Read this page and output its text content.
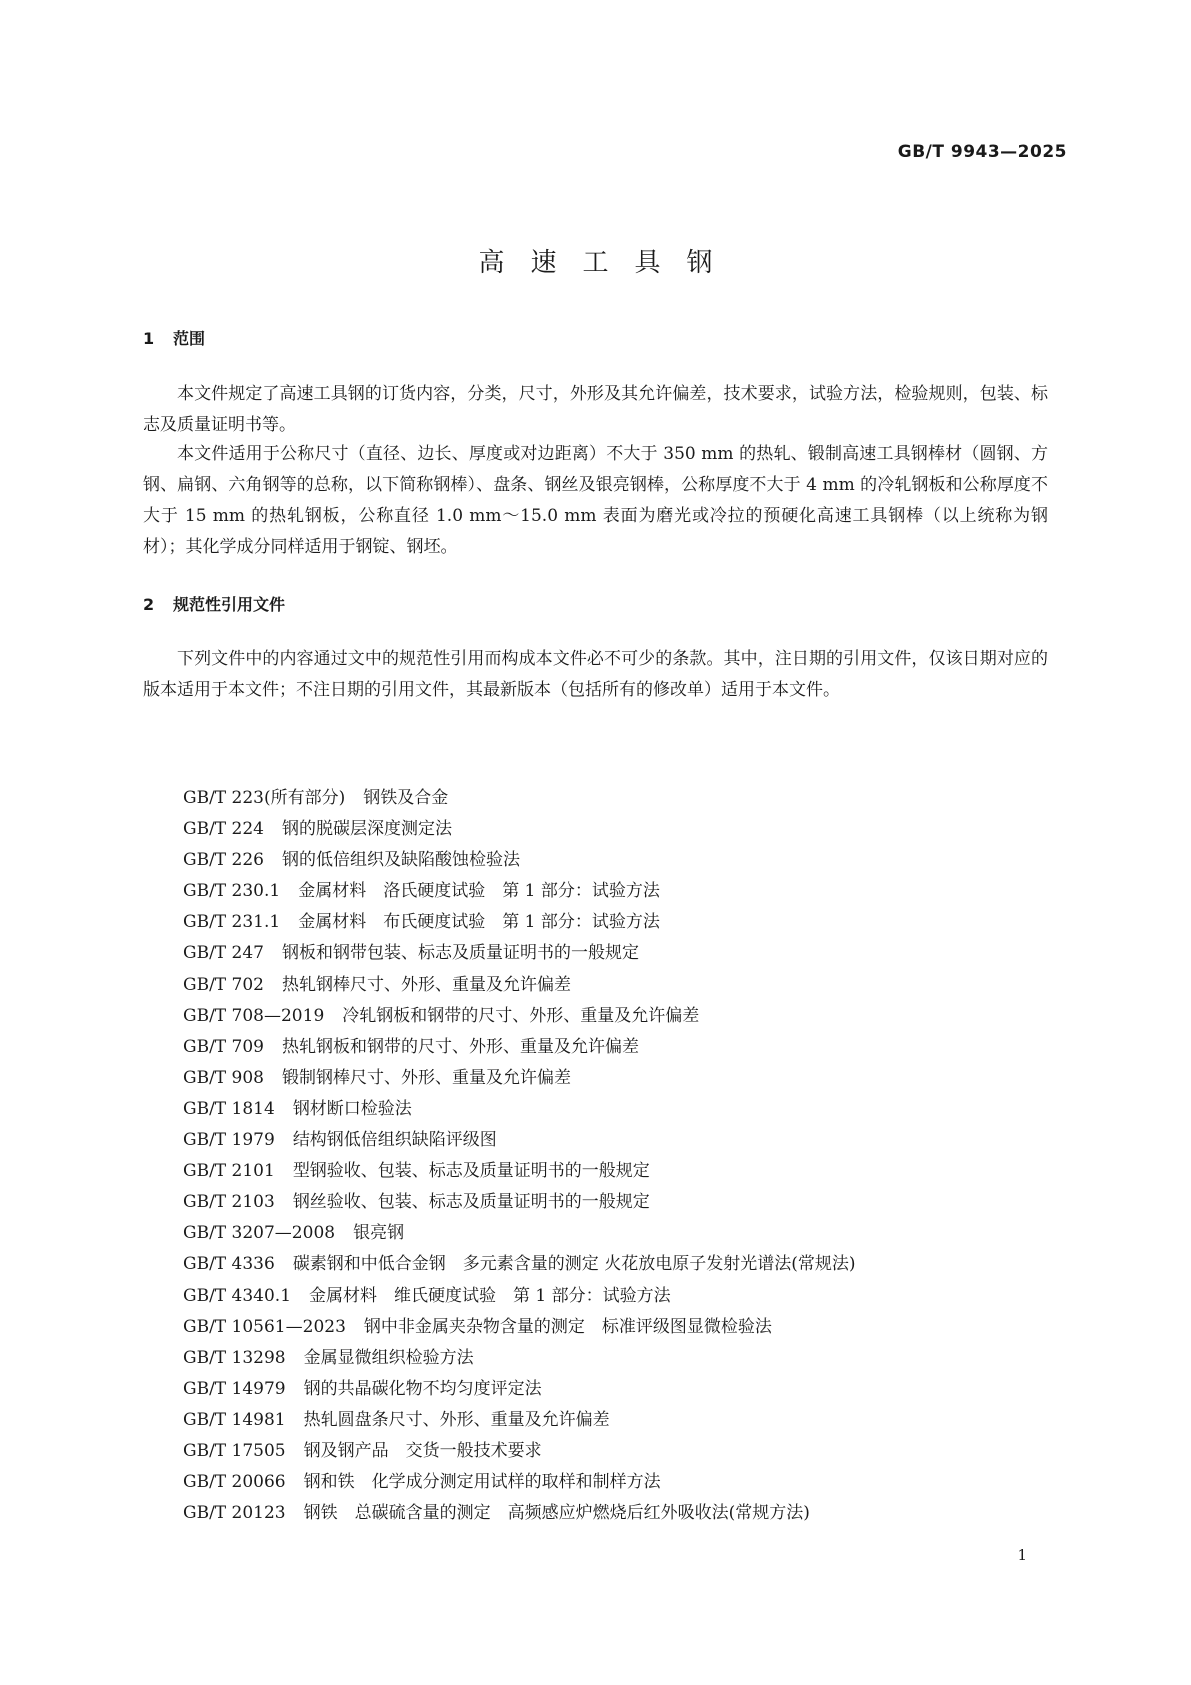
GB/T 9943—2025
高速工具钢
1 范围

本文件规定了高速工具钢的订货内容，分类，尺寸，外形及其允许偏差，技术要求，试验方法，检验规则，包装、标志及质量证明书等。

本文件适用于公称尺寸（直径、边长、厚度或对边距离）不大于 350 mm 的热轧、锻制高速工具钢棒材（圆钢、方钢、扁钢、六角钢等的总称，以下简称钢棒）、盘条、钢丝及银亮钢棒，公称厚度不大于 4 mm 的冷轧钢板和公称厚度不大于 15 mm 的热轧钢板，公称直径 1.0 mm～15.0 mm 表面为磨光或冷拉的预硬化高速工具钢棒（以上统称为钢材）；其化学成分同样适用于钢锭、钢坯。

2 规范性引用文件

下列文件中的内容通过文中的规范性引用而构成本文件必不可少的条款。其中，注日期的引用文件，仅该日期对应的版本适用于本文件；不注日期的引用文件，其最新版本（包括所有的修改单）适用于本文件。

GB/T 223(所有部分) 钢铁及合金
GB/T 224 钢的脱碳层深度测定法
GB/T 226 钢的低倍组织及缺陷酸蚀检验法
GB/T 230.1 金属材料　洛氏硬度试验　第 1 部分：试验方法
GB/T 231.1 金属材料　布氏硬度试验　第 1 部分：试验方法
GB/T 247 钢板和钢带包装、标志及质量证明书的一般规定
GB/T 702 热轧钢棒尺寸、外形、重量及允许偏差
GB/T 708—2019 冷轧钢板和钢带的尺寸、外形、重量及允许偏差
GB/T 709 热轧钢板和钢带的尺寸、外形、重量及允许偏差
GB/T 908 锻制钢棒尺寸、外形、重量及允许偏差
GB/T 1814 钢材断口检验法
GB/T 1979 结构钢低倍组织缺陷评级图
GB/T 2101 型钢验收、包装、标志及质量证明书的一般规定
GB/T 2103 钢丝验收、包装、标志及质量证明书的一般规定
GB/T 3207—2008 银亮钢
GB/T 4336 碳素钢和中低合金钢　多元素含量的测定 火花放电原子发射光谱法(常规法)
GB/T 4340.1 金属材料　维氏硬度试验　第 1 部分：试验方法
GB/T 10561—2023 钢中非金属夹杂物含量的测定　标准评级图显微检验法
GB/T 13298 金属显微组织检验方法
GB/T 14979 钢的共晶碳化物不均匀度评定法
GB/T 14981 热轧圆盘条尺寸、外形、重量及允许偏差
GB/T 17505 钢及钢产品　交货一般技术要求
GB/T 20066 钢和铁　化学成分测定用试样的取样和制样方法
GB/T 20123 钢铁　总碳硫含量的测定　高频感应炉燃烧后红外吸收法(常规方法)
1
